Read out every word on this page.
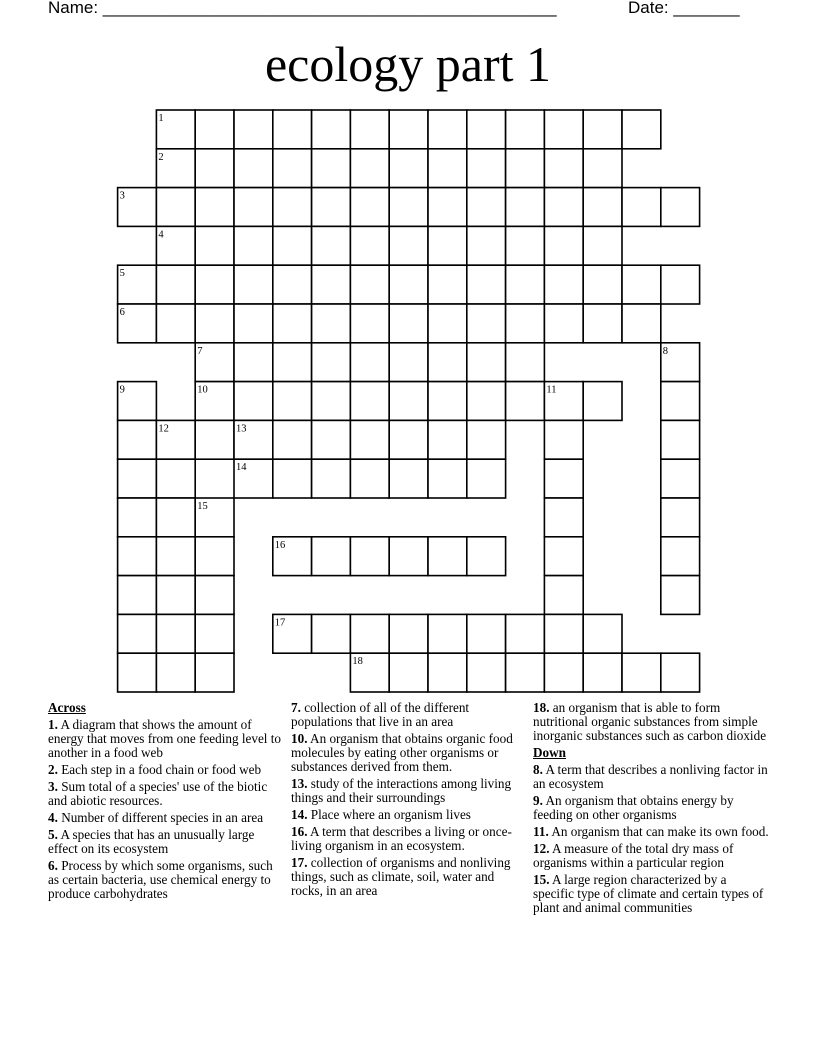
Name: ________________________________________________	Date: _______
ecology part 1
1
2
3
4
5
6
7	8
9	10	11
12	13
14
15
16
17
18
Across
1. A diagram that shows the amount of energy that moves from one feeding level to another in a food web
2. Each step in a food chain or food web
3. Sum total of a species' use of the biotic and abiotic resources.
4. Number of different species in an area
5. A species that has an unusually large effect on its ecosystem
6. Process by which some organisms, such as certain bacteria, use chemical energy to produce carbohydrates
7. collection of all of the different populations that live in an area
10. An organism that obtains organic food molecules by eating other organisms or substances derived from them.
13. study of the interactions among living things and their surroundings
14. Place where an organism lives
16. A term that describes a living or once-living organism in an ecosystem.
17. collection of organisms and nonliving things, such as climate, soil, water and rocks, in an area
18. an organism that is able to form nutritional organic substances from simple inorganic substances such as carbon dioxide
Down
8. A term that describes a nonliving factor in an ecosystem
9. An organism that obtains energy by feeding on other organisms
11. An organism that can make its own food.
12. A measure of the total dry mass of organisms within a particular region
15. A large region characterized by a specific type of climate and certain types of plant and animal communities
